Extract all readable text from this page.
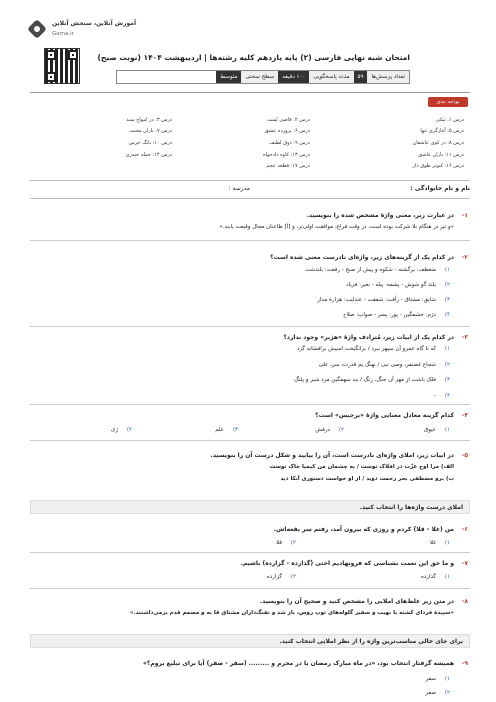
آموزش آنلاین، سنجش آنلاین
Gama.ir
امتحان شبه نهایی فارسی (۲) پایه یازدهم کلیه رشته‌ها | اردیبهشت ۱۴۰۴ (نوبت صبح)
تعداد پرسش‌ها
۵۹
مدت پاسخگویی
۱۰۰ دقیقه
سطح سختی
متوسط
بودجه بندی
درس ۱: نیکی
درس ۲: قاضی بُست
درس ۳: در امواج سند
درس ۵: آغازگری تنها
درس ۶: پرورده عشق
درس ۷: باران محبت
درس ۸: در کوی عاشقان
درس ۹: ذوق لطیف
درس ۱۰: بانگ جرس
درس ۱۱: یاران عاشق
درس ۱۳: کاوه دادخواه
درس ۱۴: حمله حیدری
درس ۱۶: کبوتر طوق دار
درس ۱۷: قطعه عجم
نام و نام خانوادگی :
مدرسه :
۱-
در عبارت زیر، معنی واژۀ مشخص شده را بنویسید.
«و تیز در هنگام بلا شرکت بوده است، در وقت فراغ، موافقت اولی‌تر، و [آ] طاعنان مجال وقیعت یابند.»
۲-
در کدام یک از گزینه‌های زیر، واژه‌ای نادرست معنی شده است؟
۱)
منعطف: برگشته - شکوه و پیش از صبح - رفعت: بلندشت
۲)
بلند گو شوش - پشمه: پیله - نغیر: فریاد
۳)
شایق: مشتاق - رأفت: شفقت - عندلیب: هزارۀ مدار
۴)
دژم: خشمگین - پور: پسر - صواب: صلاح
۳-
در کدام یک از ابیات زیر، مُترادف واژۀ «هژبر» وجود ندارد؟
۱)
که تا گاه عمرو آن سپهر نبرد / بزانگیخت اسپش برافشاند گرد
۲)
شجاع غضنفر، وصی نبی / نهنگ یم قدرت، سر، علی
۳)
فلک باشت از مهر آن جنگ، رنگ / نبد سهمگین مرد شیر و پلنگ
۴)
-
۴-
کدام گزینه معادل معنایی واژۀ «برجیس» است؟
۱)
عیوق
۲)
درفش
۳)
علم
۴)
ژی
۵-
در ابیات زیر، املای واژه‌ای نادرست است، آن را بیابید و شکل درست آن را بنویسید.
الف) مرا اوج عزّت در افلاک توست / به چشمان من کیمیا خاک توست
ب) برو مصطفی بحر رحمت دوید / از او خواست دستوری آنکا دید
املای درست واژه‌ها را انتخاب کنید.
۶-
من (غلا - قلا) کردم و روزی که بیرون آمد، رفتم سر بقعه‌اش.
۱)
غلا
۲)
قلا
۷-
و ما حق این نعمت نشناسی که فرونهادیم اختی (گذارده - گزارده) باشیم.
۱)
گذارده
۲)
گزارده
۸-
در متن زیر غلط‌های املایی را مشخص کنید و صحیح آن را بنویسید.
«سپیدۀ فردای کشته با نهیب و سفیر گلوله‌های توپ روس، باز شد و تفنگ‌داران مشتاق‌ قا به و مصمم قدم برمی‌داشتند.»
برای جای خالی مناسب‌ترین واژه را از نظر املایی انتخاب کنید.
۹-
همیشه گرفتار انتخاب بود، «در ماه مبارک رمضان یا در محرم و ......... (سفر - صفر) آیا برای تبلیغ بروم؟»
۱)
سفر
۲)
صفر
